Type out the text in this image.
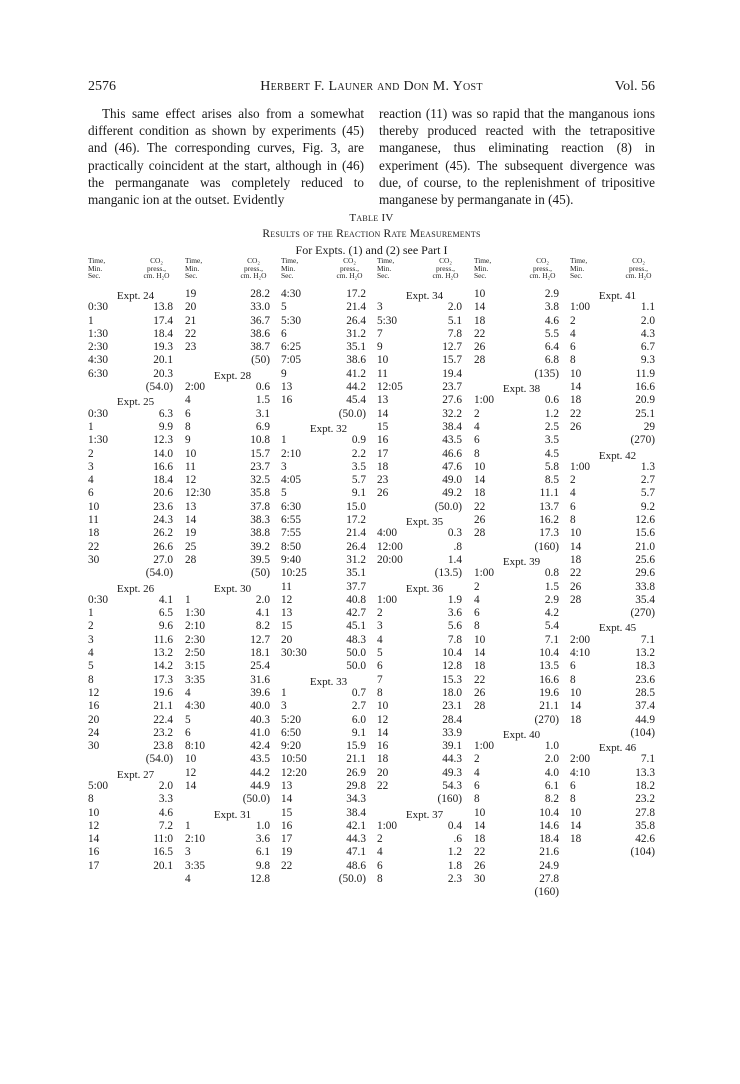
2576	Herbert F. Launer and Don M. Yost	Vol. 56

This same effect arises also from a somewhat different condition as shown by experiments (45) and (46). The corresponding curves, Fig. 3, are practically coincident at the start, although in (46) the permanganate was completely reduced to manganic ion at the outset. Evidently

reaction (11) was so rapid that the manganous ions thereby produced reacted with the tetrapositive manganese, thus eliminating reaction (8) in experiment (45). The subsequent divergence was due, of course, to the replenishment of tripositive manganese by permanganate in (45).

Table IV
Results of the Reaction Rate Measurements
For Expts. (1) and (2) see Part I
Time,
Min.
Sec.
CO₂
press.,
cm. H₂O
Expt. 24
0:30	13.8
1	17.4
1:30	18.4
2:30	19.3
4:30	20.1
6:30	20.3
(54.0)
Expt. 25
0:30	6.3
1	9.9
1:30	12.3
2	14.0
3	16.6
4	18.4
6	20.6
10	23.6
11	24.3
18	26.2
22	26.6
30	27.0
(54.0)
Expt. 26
0:30	4.1
1	6.5
2	9.6
3	11.6
4	13.2
5	14.2
8	17.3
12	19.6
16	21.1
20	22.4
24	23.2
30	23.8
(54.0)
Expt. 27
5:00	2.0
8	3.3
10	4.6
12	7.2
14	11:0
16	16.5
17	20.1
Time,
Min.
Sec.
CO₂
press.,
cm. H₂O
19	28.2
20	33.0
21	36.7
22	38.6
23	38.7
(50)
Expt. 28
2:00	0.6
4	1.5
6	3.1
8	6.9
9	10.8
10	15.7
11	23.7
12	32.5
12:30	35.8
13	37.8
14	38.3
19	38.8
25	39.2
28	39.5
(50)
Expt. 30
1	2.0
1:30	4.1
2:10	8.2
2:30	12.7
2:50	18.1
3:15	25.4
3:35	31.6
4	39.6
4:30	40.0
5	40.3
6	41.0
8:10	42.4
10	43.5
12	44.2
14	44.9
(50.0)
Expt. 31
1	1.0
2:10	3.6
3	6.1
3:35	9.8
4	12.8
Time,
Min.
Sec.
CO₂
press.,
cm. H₂O
4:30	17.2
5	21.4
5:30	26.4
6	31.2
6:25	35.1
7:05	38.6
9	41.2
13	44.2
16	45.4
(50.0)
Expt. 32
1	0.9
2:10	2.2
3	3.5
4:05	5.7
5	9.1
6:30	15.0
6:55	17.2
7:55	21.4
8:50	26.4
9:40	31.2
10:25	35.1
11	37.7
12	40.8
13	42.7
15	45.1
20	48.3
30:30	50.0
50.0
Expt. 33
1	0.7
3	2.7
5:20	6.0
6:50	9.1
9:20	15.9
10:50	21.1
12:20	26.9
13	29.8
14	34.3
15	38.4
16	42.1
17	44.3
19	47.1
22	48.6
(50.0)
Time,
Min.
Sec.
CO₂
press.,
cm. H₂O
Expt. 34
3	2.0
5:30	5.1
7	7.8
9	12.7
10	15.7
11	19.4
12:05	23.7
13	27.6
14	32.2
15	38.4
16	43.5
17	46.6
18	47.6
23	49.0
26	49.2
(50.0)
Expt. 35
4:00	0.3
12:00	.8
20:00	1.4
(13.5)
Expt. 36
1:00	1.9
2	3.6
3	5.6
4	7.8
5	10.4
6	12.8
7	15.3
8	18.0
10	23.1
12	28.4
14	33.9
16	39.1
18	44.3
20	49.3
22	54.3
(160)
Expt. 37
1:00	0.4
2	.6
4	1.2
6	1.8
8	2.3
Time,
Min.
Sec.
CO₂
press.,
cm. H₂O
10	2.9
14	3.8
18	4.6
22	5.5
26	6.4
28	6.8
(135)
Expt. 38
1:00	0.6
2	1.2
4	2.5
6	3.5
8	4.5
10	5.8
14	8.5
18	11.1
22	13.7
26	16.2
28	17.3
(160)
Expt. 39
1:00	0.8
2	1.5
4	2.9
6	4.2
8	5.4
10	7.1
14	10.4
18	13.5
22	16.6
26	19.6
28	21.1
(270)
Expt. 40
1:00	1.0
2	2.0
4	4.0
6	6.1
8	8.2
10	10.4
14	14.6
18	18.4
22	21.6
26	24.9
30	27.8
(160)
Time,
Min.
Sec.
CO₂
press.,
cm. H₂O
Expt. 41
1:00	1.1
2	2.0
4	4.3
6	6.7
8	9.3
10	11.9
14	16.6
18	20.9
22	25.1
26	29
(270)
Expt. 42
1:00	1.3
2	2.7
4	5.7
6	9.2
8	12.6
10	15.6
14	21.0
18	25.6
22	29.6
26	33.8
28	35.4
(270)
Expt. 45
2:00	7.1
4:10	13.2
6	18.3
8	23.6
10	28.5
14	37.4
18	44.9
(104)
Expt. 46
2:00	7.1
4:10	13.3
6	18.2
8	23.2
10	27.8
14	35.8
18	42.6
(104)
